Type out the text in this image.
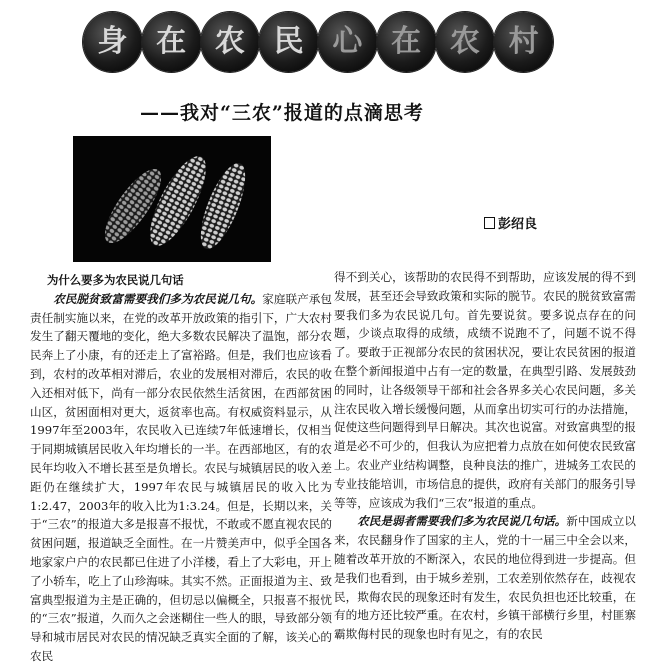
身 在 农 民 心 在 农 村
——我对“三农”报道的点滴思考
彭绍良

为什么要多为农民说几句话

农民脱贫致富需要我们多为农民说几句。家庭联产承包责任制实施以来，在党的改革开放政策的指引下，广大农村发生了翻天覆地的变化，绝大多数农民解决了温饱，部分农民奔上了小康，有的还走上了富裕路。但是，我们也应该看到，农村的改革相对滞后，农业的发展相对滞后，农民的收入还相对低下，尚有一部分农民依然生活贫困，在西部贫困山区，贫困面相对更大，返贫率也高。有权威资料显示，从1997年至2003年，农民收入已连续7年低速增长，仅相当于同期城镇居民收入年均增长的一半。在西部地区，有的农民年均收入不增长甚至是负增长。农民与城镇居民的收入差距仍在继续扩大，1997年农民与城镇居民的收入比为1:2.47，2003年的收入比为1:3.24。但是，长期以来，关于“三农”的报道大多是报喜不报忧，不敢或不愿直视农民的贫困问题，报道缺乏全面性。在一片赞美声中，似乎全国各地家家户户的农民都已住进了小洋楼，看上了大彩电，开上了小轿车，吃上了山珍海味。其实不然。正面报道为主、致富典型报道为主是正确的，但切忌以偏概全，只报喜不报忧的“三农”报道，久而久之会迷糊住一些人的眼，导致部分领导和城市居民对农民的情况缺乏真实全面的了解，该关心的农民

得不到关心，该帮助的农民得不到帮助，应该发展的得不到发展，甚至还会导致政策和实际的脱节。农民的脱贫致富需要我们多为农民说几句。首先要说贫。要多说点存在的问题，少谈点取得的成绩，成绩不说跑不了，问题不说不得了。要敢于正视部分农民的贫困状况，要让农民贫困的报道在整个新闻报道中占有一定的数量，在典型引路、发展鼓劲的同时，让各级领导干部和社会各界多关心农民问题，多关注农民收入增长缓慢问题，从而拿出切实可行的办法措施，促使这些问题得到早日解决。其次也说富。对致富典型的报道是必不可少的，但我认为应把着力点放在如何使农民致富上。农业产业结构调整，良种良法的推广，进城务工农民的专业技能培训，市场信息的提供，政府有关部门的服务引导等等，应该成为我们“三农”报道的重点。

农民是弱者需要我们多为农民说几句话。新中国成立以来，农民翻身作了国家的主人，党的十一届三中全会以来，随着改革开放的不断深入，农民的地位得到进一步提高。但是我们也看到，由于城乡差别，工农差别依然存在，歧视农民，欺侮农民的现象还时有发生，农民负担也还比较重，在有的地方还比较严重。在农村，乡镇干部横行乡里，村匪寨霸欺侮村民的现象也时有见之，有的农民
